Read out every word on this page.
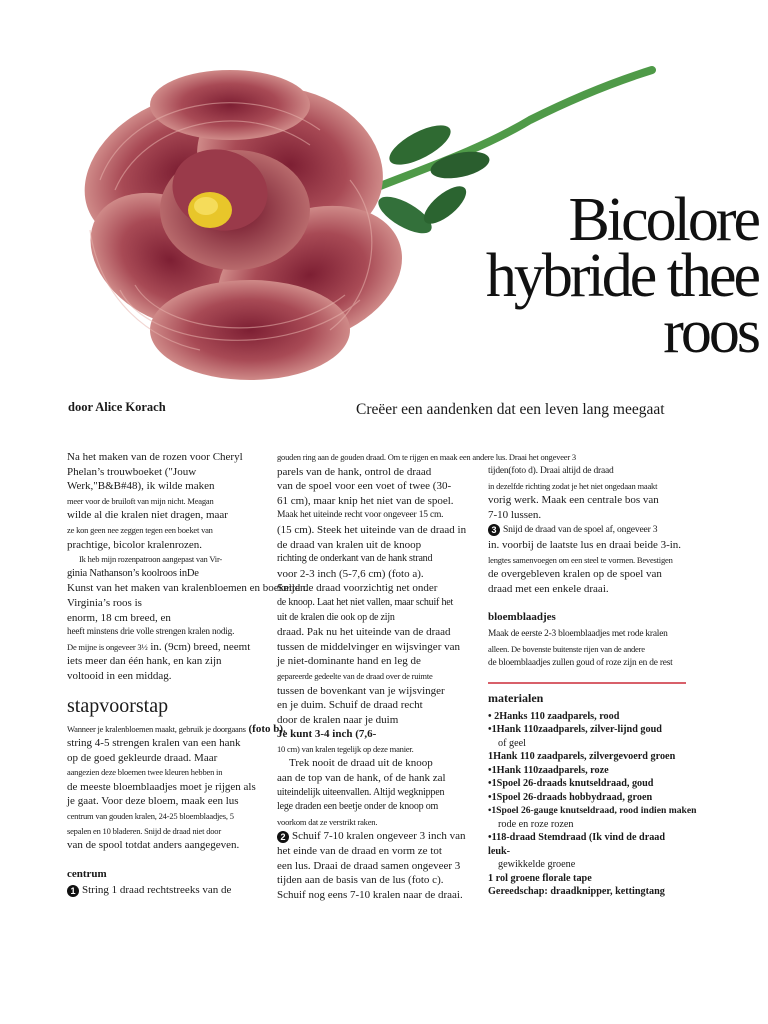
Bicolore
hybride thee
roos
door Alice Korach	Creëer een aandenken dat een leven lang meegaat

Na het maken van de rozen voor Cheryl

Phelan’s trouwboeket ("Jouw

Werk,"B&B#48), ik wilde maken

meer voor de bruiloft van mijn nicht. Meagan

wilde al die kralen niet dragen, maar

ze kon geen nee zeggen tegen een boeket van

prachtige, bicolor kralenrozen.

Ik heb mijn rozenpatroon aangepast van Vir-

ginia Nathanson’s koolroos inDe

Kunst van het maken van kralenbloemen en boeketten.

Virginia’s roos is

enorm, 18 cm breed, en

heeft minstens drie volle strengen kralen nodig.

De mijne is ongeveer 3½ in. (9cm) breed, neemt

iets meer dan één hank, en kan zijn

voltooid in een middag.

stapvoorstap

Wanneer je kralenbloemen maakt, gebruik je doorgaans (foto b).

string 4-5 strengen kralen van een hank

op de goed gekleurde draad. Maar

aangezien deze bloemen twee kleuren hebben in

de meeste bloemblaadjes moet je rijgen als

je gaat. Voor deze bloem, maak een lus

centrum van gouden kralen, 24-25 bloemblaadjes, 5

sepalen en 10 bladeren. Snijd de draad niet door

van de spool totdat anders aangegeven.

centrum

1 String 1 draad rechtstreeks van de

gouden ring aan de gouden draad. Om te rijgen en maak een andere lus. Draai het ongeveer 3

parels van de hank, ontrol de draad

van de spoel voor een voet of twee (30-

61 cm), maar knip het niet van de spoel.

Maak het uiteinde recht voor ongeveer 15 cm.

(15 cm). Steek het uiteinde van de draad in

de draad van kralen uit de knoop

richting de onderkant van de hank strand

voor 2-3 inch (5-7,6 cm) (foto a).

Snijd de draad voorzichtig net onder

de knoop. Laat het niet vallen, maar schuif het

uit de kralen die ook op de zijn

draad. Pak nu het uiteinde van de draad

tussen de middelvinger en wijsvinger van

je niet-dominante hand en leg de

gepareerde gedeelte van de draad over de ruimte

tussen de bovenkant van je wijsvinger

en je duim. Schuif de draad recht

door de kralen naar je duim

Je kunt 3-4 inch (7,6-

10 cm) van kralen tegelijk op deze manier.

Trek nooit de draad uit de knoop

aan de top van de hank, of de hank zal

uiteindelijk uiteenvallen. Altijd wegknippen

lege draden een beetje onder de knoop om

voorkom dat ze verstrikt raken.

2 Schuif 7-10 kralen ongeveer 3 inch van

het einde van de draad en vorm ze tot

een lus. Draai de draad samen ongeveer 3

tijden aan de basis van de lus (foto c).

Schuif nog eens 7-10 kralen naar de draai.

tijden(foto d). Draai altijd de draad

in dezelfde richting zodat je het niet ongedaan maakt

vorig werk. Maak een centrale bos van

7-10 lussen.

3 Snijd de draad van de spoel af, ongeveer 3

in. voorbij de laatste lus en draai beide 3-in.

lengtes samenvoegen om een steel te vormen. Bevestigen

de overgebleven kralen op de spoel van

draad met een enkele draai.

bloemblaadjes

Maak de eerste 2-3 bloemblaadjes met rode kralen

alleen. De bovenste buitenste rijen van de andere

de bloemblaadjes zullen goud of roze zijn en de rest

materialen

• 2Hanks 110 zaadparels, rood

•1Hank 110zaadparels, zilver-lijnd goud

of geel

1Hank 110 zaadparels, zilvergevoerd groen

•1Hank 110zaadparels, roze

•1Spoel 26-draads knutseldraad, goud

•1Spoel 26-draads hobbydraad, groen

•1Spoel 26-gauge knutseldraad, rood indien maken

rode en roze rozen

•118-draad Stemdraad (Ik vind de draad leuk-

gewikkelde groene

1 rol groene florale tape

Gereedschap: draadknipper, kettingtang
